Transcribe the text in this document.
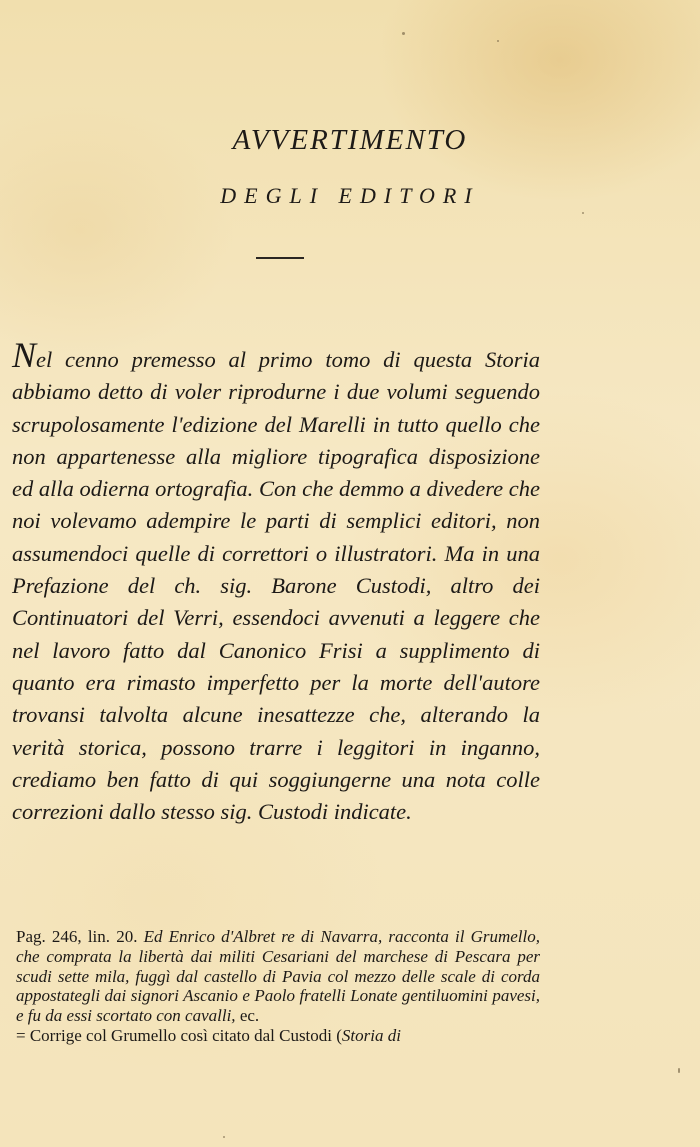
AVVERTIMENTO
DEGLI EDITORI

Nel cenno premesso al primo tomo di questa Storia abbiamo detto di voler riprodurne i due volumi seguendo scrupolosamente l'edizione del Marelli in tutto quello che non appartenesse alla migliore tipografica disposizione ed alla odierna ortografia. Con che demmo a divedere che noi volevamo adempire le parti di semplici editori, non assumendoci quelle di correttori o illustratori. Ma in una Prefazione del ch. sig. Barone Custodi, altro dei Continuatori del Verri, essendoci avvenuti a leggere che nel lavoro fatto dal Canonico Frisi a supplimento di quanto era rimasto imperfetto per la morte dell'autore trovansi talvolta alcune inesattezze che, alterando la verità storica, possono trarre i leggitori in inganno, crediamo ben fatto di qui soggiungerne una nota colle correzioni dallo stesso sig. Custodi indicate.

Pag. 246, lin. 20. Ed Enrico d'Albret re di Navarra, racconta il Grumello, che comprata la libertà dai militi Cesariani del marchese di Pescara per scudi sette mila, fuggì dal castello di Pavia col mezzo delle scale di corda appostategli dai signori Ascanio e Paolo fratelli Lonate gentiluomini pavesi, e fu da essi scortato con cavalli, ec.
= Corrige col Grumello così citato dal Custodi (Storia di
